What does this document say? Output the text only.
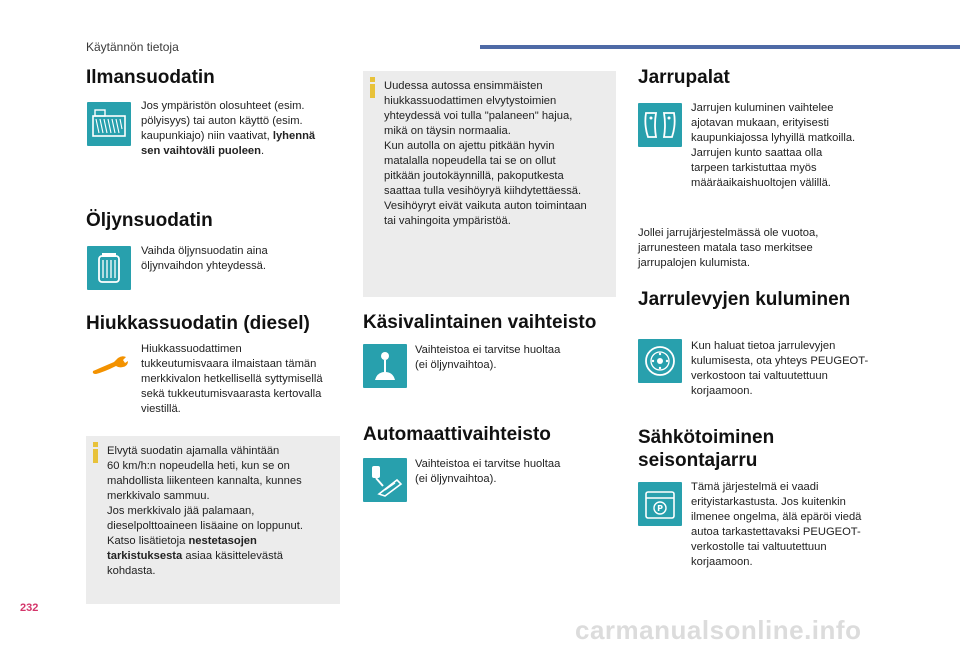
Käytännön tietoja
Ilmansuodatin
Jos ympäristön olosuhteet (esim.
pölyisyys) tai auton käyttö (esim.
kaupunkiajo) niin vaativat, lyhennä
sen vaihtoväli puoleen.
Öljynsuodatin
Vaihda öljynsuodatin aina
öljynvaihdon yhteydessä.
Hiukkassuodatin (diesel)
Hiukkassuodattimen
tukkeutumisvaara ilmaistaan tämän
merkkivalon hetkellisellä syttymisellä
sekä tukkeutumisvaarasta kertovalla
viestillä.
Elvytä suodatin ajamalla vähintään
60 km/h:n nopeudella heti, kun se on
mahdollista liikenteen kannalta, kunnes
merkkivalo sammuu.
Jos merkkivalo jää palamaan,
dieselpolttoaineen lisäaine on loppunut.
Katso lisätietoja nestetasojen
tarkistuksesta asiaa käsittelevästä
kohdasta.
Uudessa autossa ensimmäisten
hiukkassuodattimen elvytystoimien
yhteydessä voi tulla "palaneen" hajua,
mikä on täysin normaalia.
Kun autolla on ajettu pitkään hyvin
matalalla nopeudella tai se on ollut
pitkään joutokäynnillä, pakoputkesta
saattaa tulla vesihöyryä kiihdytettäessä.
Vesihöyryt eivät vaikuta auton toimintaan
tai vahingoita ympäristöä.
Käsivalintainen vaihteisto
Vaihteistoa ei tarvitse huoltaa
(ei öljynvaihtoa).
Automaattivaihteisto
Vaihteistoa ei tarvitse huoltaa
(ei öljynvaihtoa).
Jarrupalat
Jarrujen kuluminen vaihtelee
ajotavan mukaan, erityisesti
kaupunkiajossa lyhyillä matkoilla.
Jarrujen kunto saattaa olla
tarpeen tarkistuttaa myös
määräaikaishuoltojen välillä.
Jollei jarrujärjestelmässä ole vuotoa,
jarrunesteen matala taso merkitsee
jarrupalojen kulumista.
Jarrulevyjen kuluminen
Kun haluat tietoa jarrulevyjen
kulumisesta, ota yhteys PEUGEOT-
verkostoon tai valtuutettuun
korjaamoon.
Sähkötoiminen
seisontajarru
P
Tämä järjestelmä ei vaadi
erityistarkastusta. Jos kuitenkin
ilmenee ongelma, älä epäröi viedä
autoa tarkastettavaksi PEUGEOT-
verkostolle tai valtuutettuun
korjaamoon.
232
carmanualsonline.info
